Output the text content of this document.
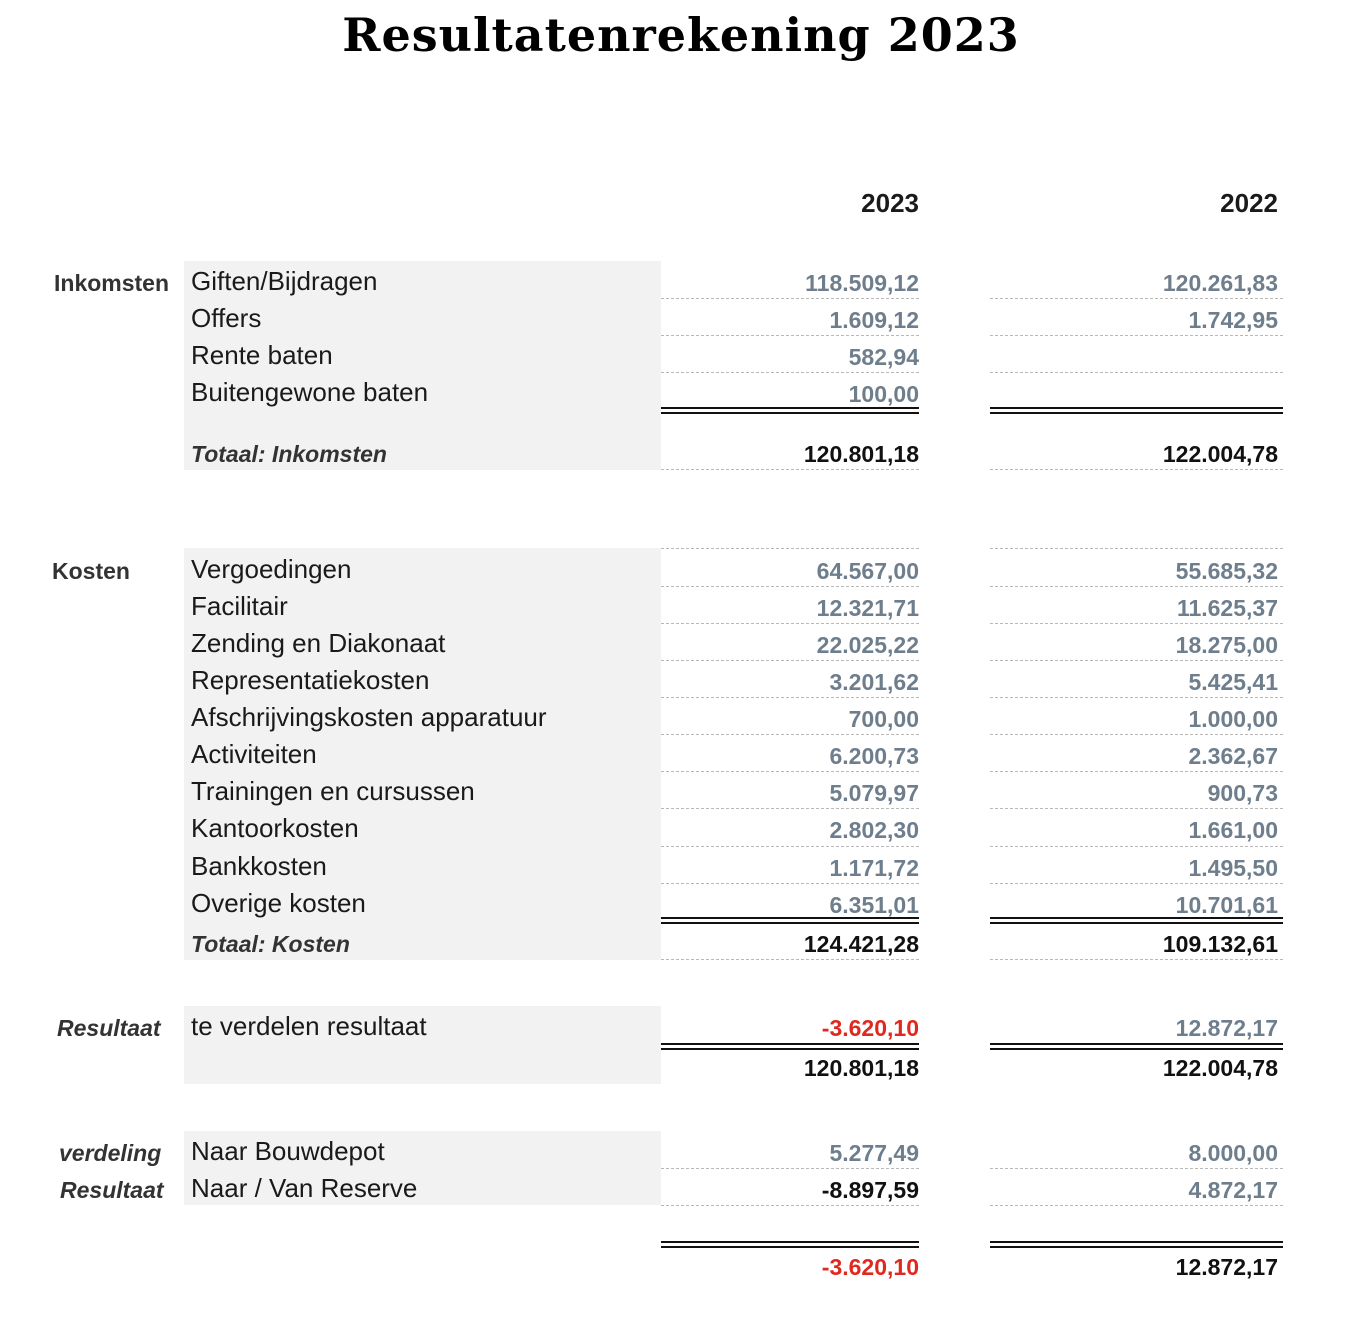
Resultatenrekening 2023
2023	2022
Inkomsten Giften/Bijdragen	118.509,12	120.261,83
Offers	1.609,12	1.742,95
Rente baten	582,94
Buitengewone baten	100,00
Totaal: Inkomsten	120.801,18	122.004,78
Kosten Vergoedingen	64.567,00	55.685,32
Facilitair	12.321,71	11.625,37
Zending en Diakonaat	22.025,22	18.275,00
Representatiekosten	3.201,62	5.425,41
Afschrijvingskosten apparatuur	700,00	1.000,00
Activiteiten	6.200,73	2.362,67
Trainingen en cursussen	5.079,97	900,73
Kantoorkosten	2.802,30	1.661,00
Bankkosten	1.171,72	1.495,50
Overige kosten	6.351,01	10.701,61
Totaal: Kosten	124.421,28	109.132,61
Resultaat te verdelen resultaat	-3.620,10	12.872,17
120.801,18	122.004,78
verdeling
Resultaat
Naar Bouwdepot	5.277,49	8.000,00
Naar / Van Reserve	-8.897,59	4.872,17
-3.620,10	12.872,17
